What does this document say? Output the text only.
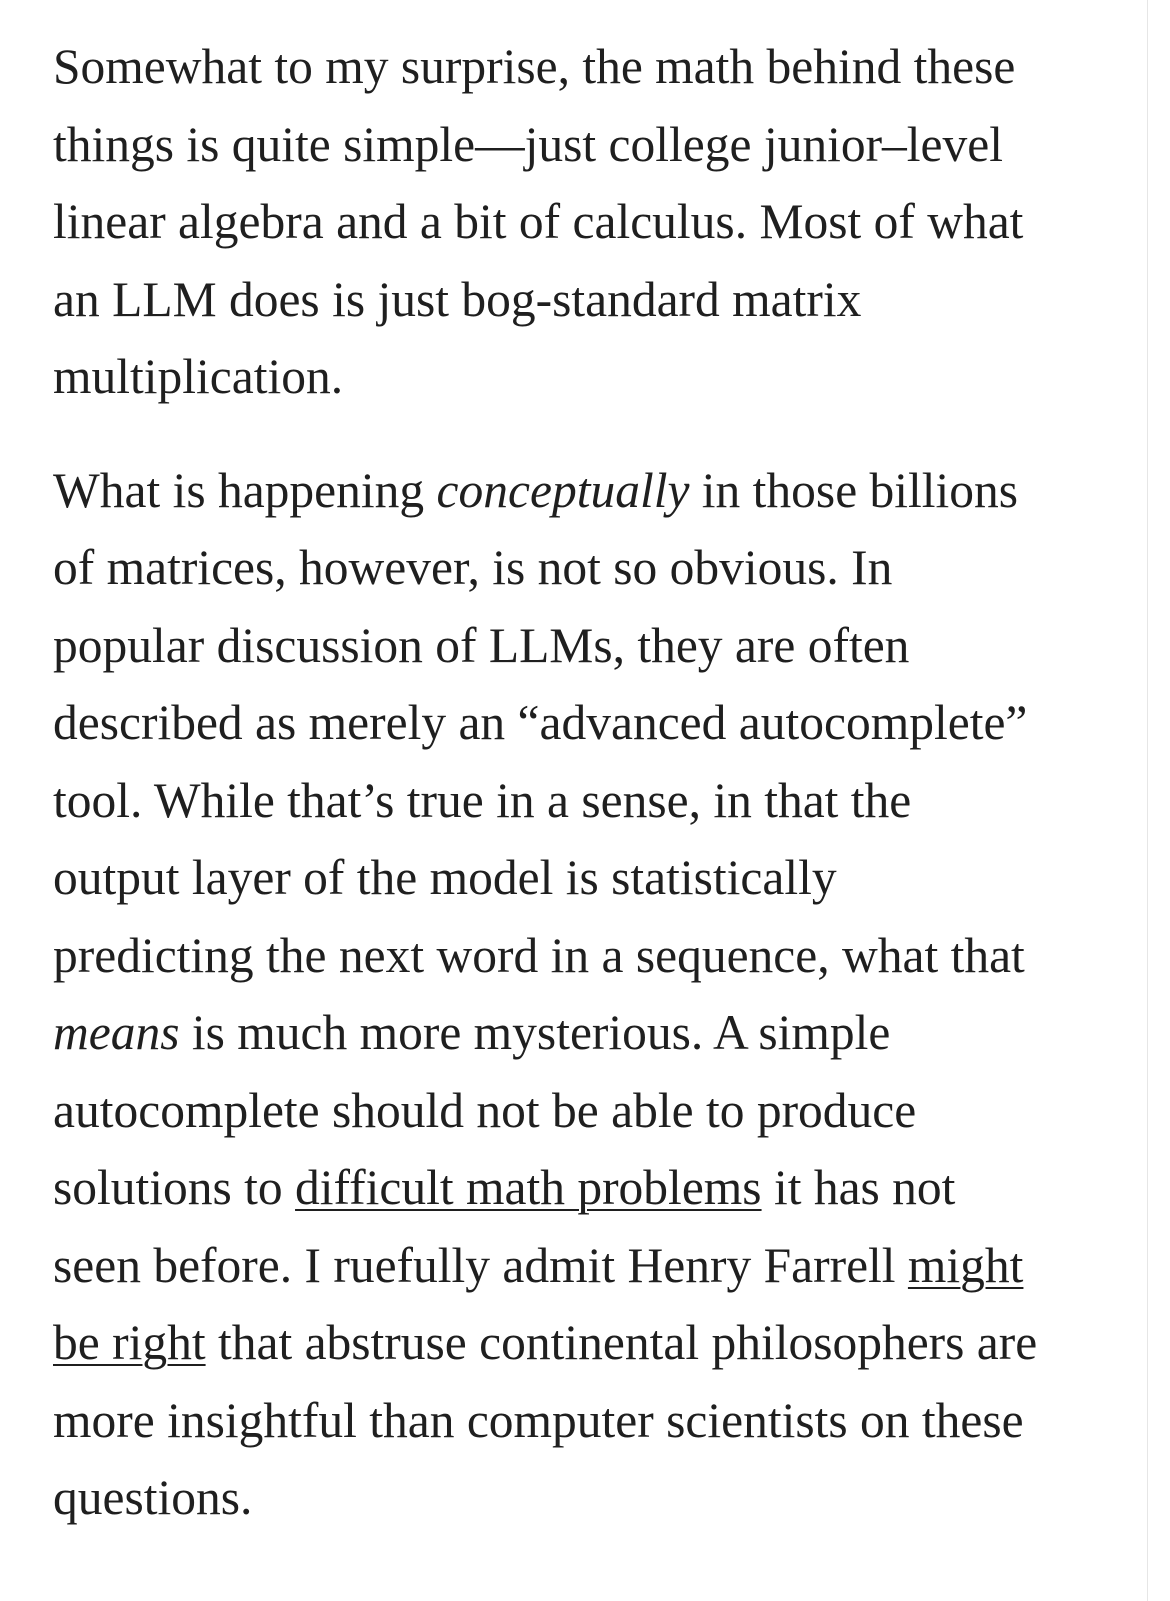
Somewhat to my surprise, the math behind these
things is quite simple—just college junior–level
linear algebra and a bit of calculus. Most of what
an LLM does is just bog-standard matrix
multiplication.

What is happening conceptually in those billions
of matrices, however, is not so obvious. In
popular discussion of LLMs, they are often
described as merely an “advanced autocomplete”
tool. While that’s true in a sense, in that the
output layer of the model is statistically
predicting the next word in a sequence, what that
means is much more mysterious. A simple
autocomplete should not be able to produce
solutions to difficult math problems it has not
seen before. I ruefully admit Henry Farrell might
be right that abstruse continental philosophers are
more insightful than computer scientists on these
questions.
